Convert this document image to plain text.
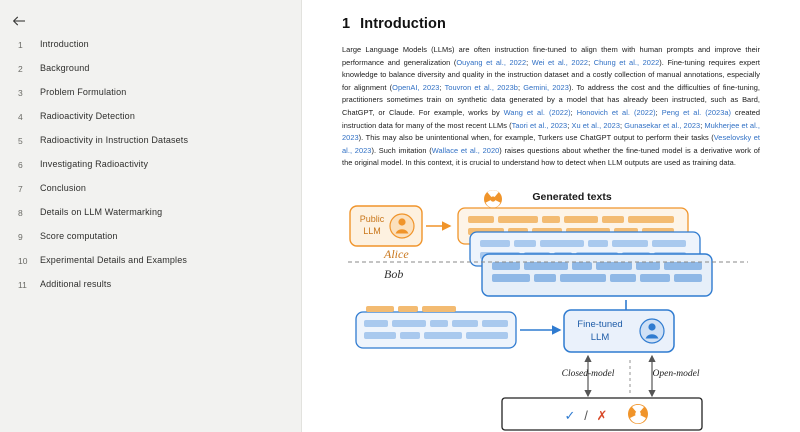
1	Introduction
2	Background
3	Problem Formulation
4	Radioactivity Detection
5	Radioactivity in Instruction Datasets
6	Investigating Radioactivity
7	Conclusion
8	Details on LLM Watermarking
9	Score computation
10	Experimental Details and Examples
11	Additional results
1 Introduction
Large Language Models (LLMs) are often instruction fine-tuned to align them with human prompts and improve their performance and generalization (Ouyang et al., 2022; Wei et al., 2022; Chung et al., 2022). Fine-tuning requires expert knowledge to balance diversity and quality in the instruction dataset and a costly collection of manual annotations, especially for alignment (OpenAI, 2023; Touvron et al., 2023b; Gemini, 2023). To address the cost and the difficulties of fine-tuning, practitioners sometimes train on synthetic data generated by a model that has already been instructed, such as Bard, ChatGPT, or Claude. For example, works by Wang et al. (2022); Honovich et al. (2022); Peng et al. (2023a) created instruction data for many of the most recent LLMs (Taori et al., 2023; Xu et al., 2023; Gunasekar et al., 2023; Mukherjee et al., 2023). This may also be unintentional when, for example, Turkers use ChatGPT output to perform their tasks (Veselovsky et al., 2023). Such imitation (Wallace et al., 2020) raises questions about whether the fine-tuned model is a derivative work of the original model. In this context, it is crucial to understand how to detect when LLM outputs are used as training data.
Public
LLM
Generated texts
Alice
Bob
Fine-tuned
LLM
Closed-model	Open-model
✓ / ✗
